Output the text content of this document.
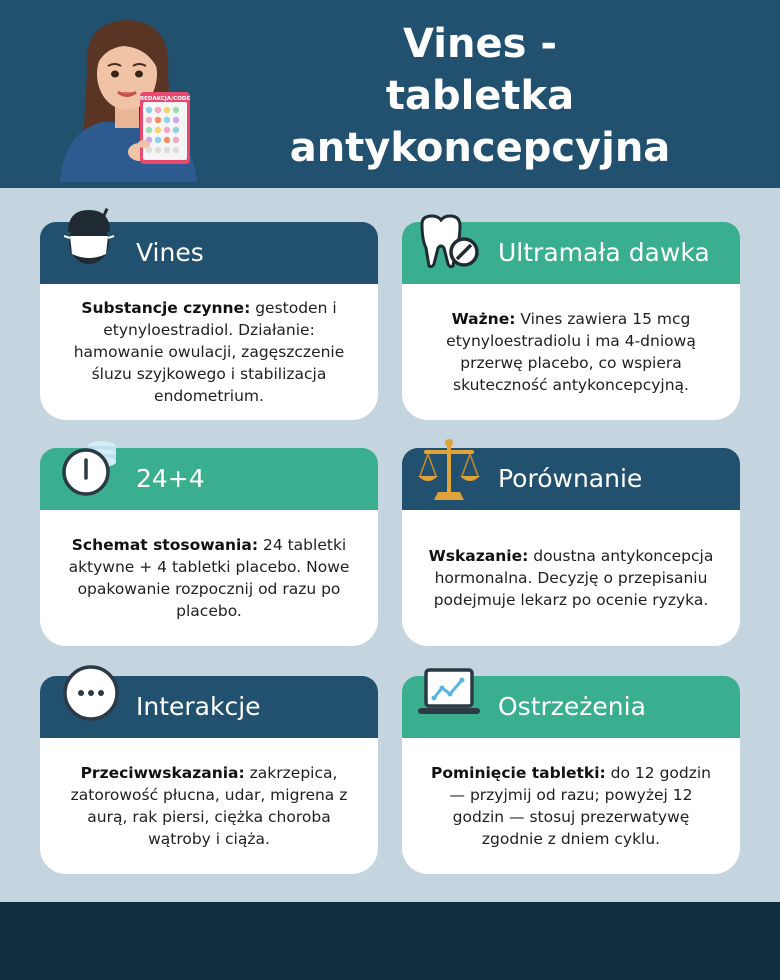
REDAKCJA/CODE
Vines -
tabletka
antykoncepcyjna
Vines

Substancje czynne: gestoden i etynyloestradiol. Działanie: hamowanie owulacji, zagęszczenie śluzu szyjkowego i stabilizacja endometrium.

Ultramała dawka

Ważne: Vines zawiera 15 mcg etynyloestradiolu i ma 4-dniową przerwę placebo, co wspiera skuteczność antykoncepcyjną.

24+4

Schemat stosowania: 24 tabletki aktywne + 4 tabletki placebo. Nowe opakowanie rozpocznij od razu po placebo.

Porównanie

Wskazanie: doustna antykoncepcja hormonalna. Decyzję o przepisaniu podejmuje lekarz po ocenie ryzyka.

Interakcje

Przeciwwskazania: zakrzepica, zatorowość płucna, udar, migrena z aurą, rak piersi, ciężka choroba wątroby i ciąża.

Ostrzeżenia

Pominięcie tabletki: do 12 godzin — przyjmij od razu; powyżej 12 godzin — stosuj prezerwatywę zgodnie z dniem cyklu.
